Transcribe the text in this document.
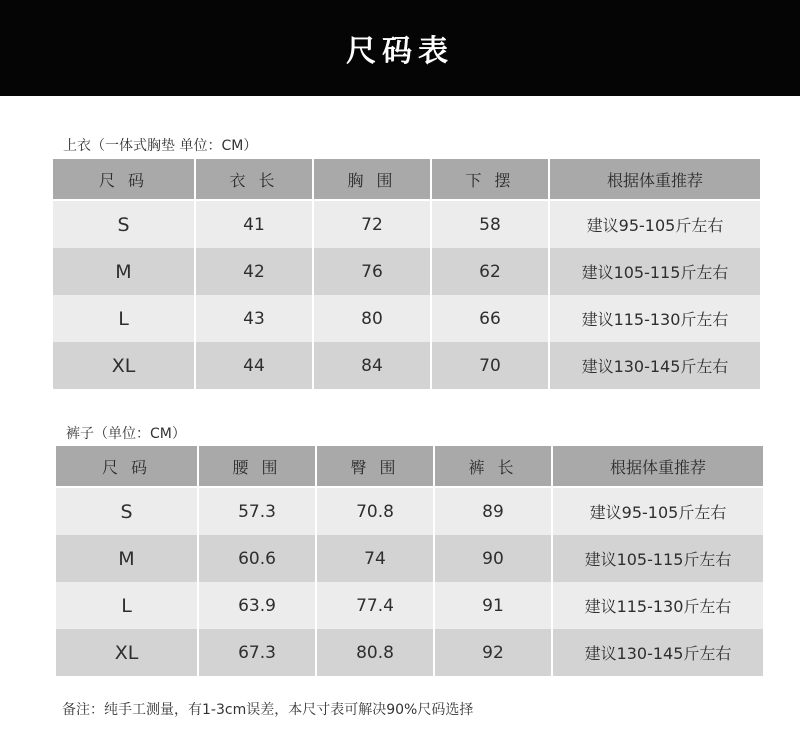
尺码表
上衣（一体式胸垫 单位：CM）
尺 码	衣 长	胸 围	下 摆	根据体重推荐
S	41	72	58	建议95-105斤左右
M	42	76	62	建议105-115斤左右
L	43	80	66	建议115-130斤左右
XL	44	84	70	建议130-145斤左右
裤子（单位：CM）
尺 码	腰 围	臀 围	裤 长	根据体重推荐
S	57.3	70.8	89	建议95-105斤左右
M	60.6	74	90	建议105-115斤左右
L	63.9	77.4	91	建议115-130斤左右
XL	67.3	80.8	92	建议130-145斤左右
备注：纯手工测量，有1-3cm误差，本尺寸表可解决90%尺码选择
